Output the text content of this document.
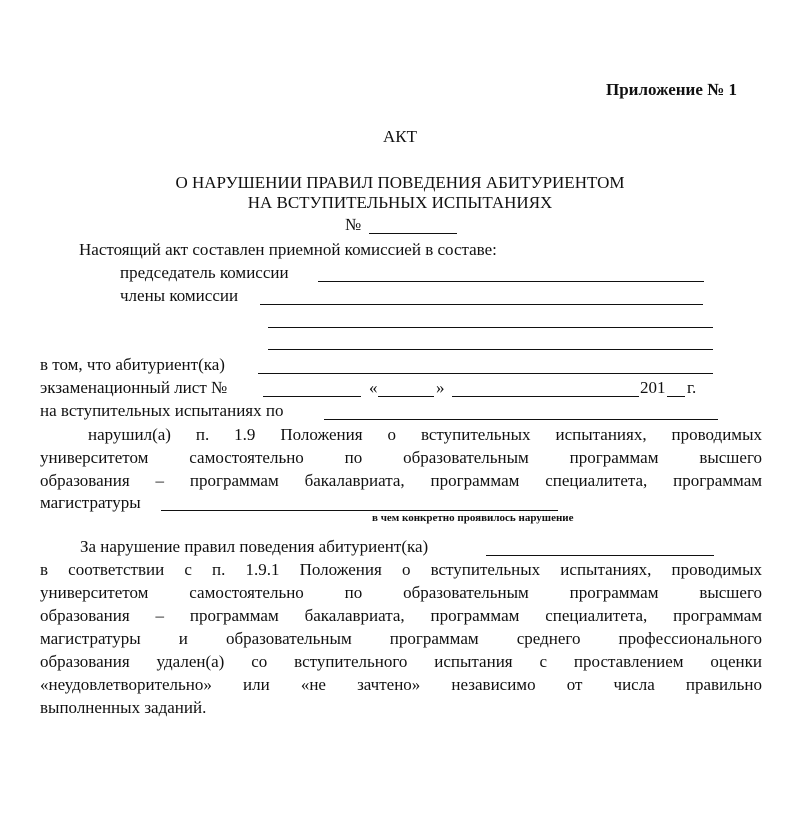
Приложение № 1
АКТ
О НАРУШЕНИИ ПРАВИЛ ПОВЕДЕНИЯ АБИТУРИЕНТОМ
НА ВСТУПИТЕЛЬНЫХ ИСПЫТАНИЯХ
№
Настоящий акт составлен приемной комиссией в составе:
председатель комисcии
члены комиссии
в том, что абитуриент(ка)
экзаменационный лист №	«	»	201 г.
на вступительных испытаниях по
нарушил(а) п. 1.9 Положения о вступительных испытаниях, проводимых
университетом самостоятельно по образовательным программам высшего
образования – программам бакалавриата, программам специалитета, программам
магистратуры
в чем конкретно проявилось нарушение
За нарушение правил поведения абитуриент(ка)
в соответствии с п. 1.9.1 Положения о вступительных испытаниях, проводимых
университетом самостоятельно по образовательным программам высшего
образования – программам бакалавриата, программам специалитета, программам
магистратуры и образовательным программам среднего профессионального
образования удален(а) со вступительного испытания с проставлением оценки
«неудовлетворительно» или «не зачтено» независимо от числа правильно
выполненных заданий.
